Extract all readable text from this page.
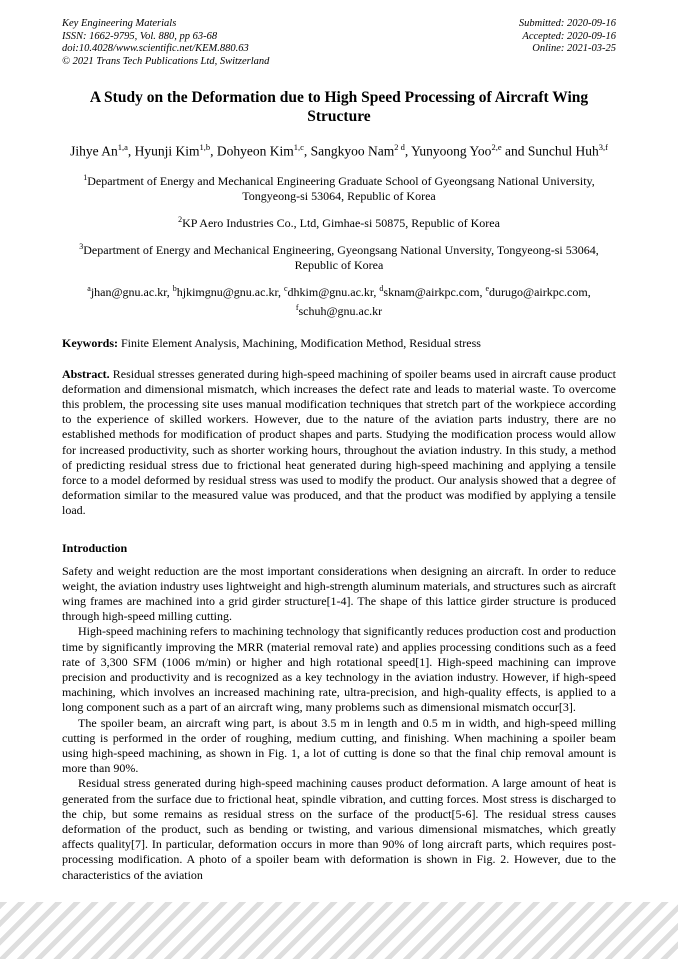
Key Engineering Materials
ISSN: 1662-9795, Vol. 880, pp 63-68
doi:10.4028/www.scientific.net/KEM.880.63
© 2021 Trans Tech Publications Ltd, Switzerland
Submitted: 2020-09-16
Accepted: 2020-09-16
Online: 2021-03-25
A Study on the Deformation due to High Speed Processing of Aircraft Wing Structure
Jihye An$^{1,a}$, Hyunji Kim$^{1,b}$, Dohyeon Kim$^{1,c}$, Sangkyoo Nam$^{2 d}$, Yunyoong Yoo$^{2,e}$ and Sunchul Huh$^{3,f}$

$^1$Department of Energy and Mechanical Engineering Graduate School of Gyeongsang National University, Tongyeong-si 53064, Republic of Korea

$^2$KP Aero Industries Co., Ltd, Gimhae-si 50875, Republic of Korea

$^3$Department of Energy and Mechanical Engineering, Gyeongsang National Unversity, Tongyeong-si 53064, Republic of Korea

$^a$jhan@gnu.ac.kr, $^b$hjkimgnu@gnu.ac.kr, $^c$dhkim@gnu.ac.kr, $^d$sknam@airkpc.com, $^e$durugo@airkpc.com, $^f$schuh@gnu.ac.kr

Keywords: Finite Element Analysis, Machining, Modification Method, Residual stress

Abstract. Residual stresses generated during high-speed machining of spoiler beams used in aircraft cause product deformation and dimensional mismatch, which increases the defect rate and leads to material waste. To overcome this problem, the processing site uses manual modification techniques that stretch part of the workpiece according to the experience of skilled workers. However, due to the nature of the aviation parts industry, there are no established methods for modification of product shapes and parts. Studying the modification process would allow for increased productivity, such as shorter working hours, throughout the aviation industry. In this study, a method of predicting residual stress due to frictional heat generated during high-speed machining and applying a tensile force to a model deformed by residual stress was used to modify the product. Our analysis showed that a degree of deformation similar to the measured value was produced, and that the product was modified by applying a tensile load.

Introduction

Safety and weight reduction are the most important considerations when designing an aircraft. In order to reduce weight, the aviation industry uses lightweight and high-strength aluminum materials, and structures such as aircraft wing frames are machined into a grid girder structure[1-4]. The shape of this lattice girder structure is produced through high-speed milling cutting.

High-speed machining refers to machining technology that significantly reduces production cost and production time by significantly improving the MRR (material removal rate) and applies processing conditions such as a feed rate of 3,300 SFM (1006 m/min) or higher and high rotational speed[1]. High-speed machining can improve precision and productivity and is recognized as a key technology in the aviation industry. However, if high-speed machining, which involves an increased machining rate, ultra-precision, and high-quality effects, is applied to a long component such as a part of an aircraft wing, many problems such as dimensional mismatch occur[3].

The spoiler beam, an aircraft wing part, is about 3.5 m in length and 0.5 m in width, and high-speed milling cutting is performed in the order of roughing, medium cutting, and finishing. When machining a spoiler beam using high-speed machining, as shown in Fig. 1, a lot of cutting is done so that the final chip removal amount is more than 90%.

Residual stress generated during high-speed machining causes product deformation. A large amount of heat is generated from the surface due to frictional heat, spindle vibration, and cutting forces. Most stress is discharged to the chip, but some remains as residual stress on the surface of the product[5-6]. The residual stress causes deformation of the product, such as bending or twisting, and various dimensional mismatches, which greatly affects quality[7]. In particular, deformation occurs in more than 90% of long aircraft parts, which requires post-processing modification. A photo of a spoiler beam with deformation is shown in Fig. 2. However, due to the characteristics of the aviation
